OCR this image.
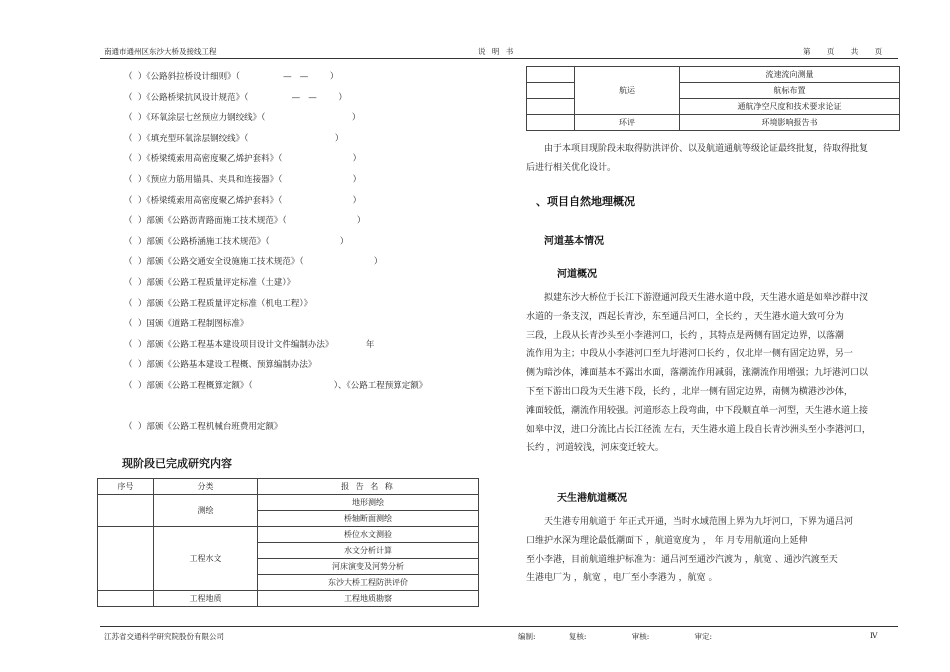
南通市通州区东沙大桥及接线工程	说 明 书	第 页 共 页
（  ）《公路斜拉桥设计细则》（                —   —        ）
（  ）《公路桥梁抗风设计规范》（                —   —        ）
（  ）《环氧涂层七丝预应力钢绞线》（                                ）
（  ）《填充型环氧涂层钢绞线》（                                ）
（  ）《桥梁缆索用高密度聚乙烯护套料》（                          ）
（  ）《预应力筋用锚具、夹具和连接器》（                          ）
（  ）《桥梁缆索用高密度聚乙烯护套料》（                          ）
（  ）部颁《公路沥青路面施工技术规范》（                          ）
（  ）部颁《公路桥涵施工技术规范》（                          ）
（  ）部颁《公路交通安全设施施工技术规范》（                          ）
（  ）部颁《公路工程质量评定标准（土建）》
（  ）部颁《公路工程质量评定标准（机电工程）》
（  ）国颁《道路工程制图标准》
（  ）部颁《公路工程基本建设项目设计文件编制办法》            年
（  ）部颁《公路基本建设工程概、预算编制办法》
（  ）部颁《公路工程概算定额》（                              ）、《公路工程预算定额》
（  ）部颁《公路工程机械台班费用定额》
现阶段已完成研究内容
序号	分类	报 告 名 称
	测绘	地形测绘
		桥轴断面测绘
	工程水文	桥位水文测验
		水文分析计算
		河床演变及河势分析
		东沙大桥工程防洪评价
	工程地质	工程地质勘察
	航运	流速流向测量
		航标布置
		通航净空尺度和技术要求论证
	环评	环境影响报告书
由于本项目现阶段未取得防洪评价、以及航道通航等级论证最终批复，待取得批复
后进行相关优化设计。
、项目自然地理概况
河道基本情况
河道概况
拟建东沙大桥位于长江下游澄通河段天生港水道中段，天生港水道是如皋沙群中汊
水道的一条支汊，西起长青沙，东至通吕河口，全长约 ，天生港水道大致可分为
三段，上段从长青沙头至小李港河口，长约 ，其特点是两侧有固定边界，以落潮
流作用为主；中段从小李港河口至九圩港河口长约 ，仅北岸一侧有固定边界，另一
侧为暗沙体，滩面基本不露出水面，落潮流作用减弱，涨潮流作用增强；九圩港河口以
下至下游出口段为天生港下段，长约 ，北岸一侧有固定边界，南侧为横港沙沙体，
滩面较低，潮流作用较强。河道形态上段弯曲，中下段顺直单一河型，天生港水道上接
如皋中汊，进口分流比占长江径流 左右，天生港水道上段自长青沙洲头至小李港河口，
长约 ，河道较浅，河床变迁较大。
天生港航道概况
天生港专用航道于 年正式开通，当时水域范围上界为九圩河口，下界为通吕河
口维护水深为理论最低潮面下 ，航道宽度为 ， 年 月专用航道向上延伸
至小李港，目前航道维护标准为：通吕河至通沙汽渡为 ，航宽 、通沙汽渡至天
生港电厂为 ，航宽 ，电厂至小李港为 ，航宽 。
江苏省交通科学研究院股份有限公司	编制:              复核:                   审核:                   审定:	Ⅳ
